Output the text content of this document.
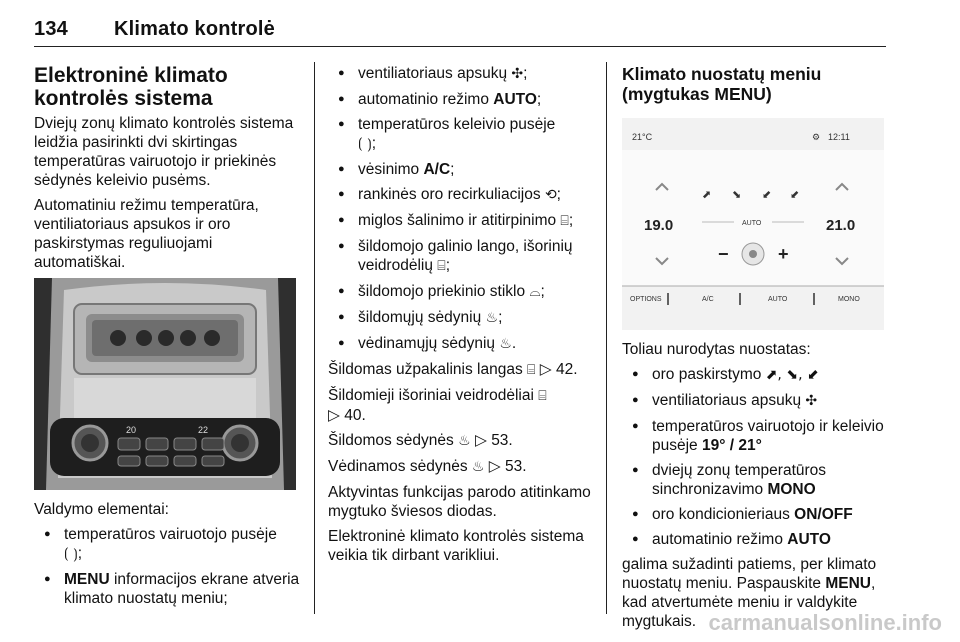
134 Klimato kontrolė
Elektroninė klimato kontrolės sistema

Dviejų zonų klimato kontrolės sistema leidžia pasirinkti dvi skirtingas temperatūras vairuotojo ir priekinės sėdynės keleivio pusėms.

Automatiniu režimu temperatūra, ventiliatoriaus apsukos ir oro paskirstymas reguliuojami automatiškai.

20	22

Valdymo elementai:

● temperatūros vairuotojo pusėje
⟮ ⟯;
● MENU informacijos ekrane atveria klimato nuostatų meniu;
● ventiliatoriaus apsukų ✣;
● automatinio režimo AUTO;
● temperatūros keleivio pusėje
⟮ ⟯;
● vėsinimo A/C;
● rankinės oro recirkuliacijos ⟲;
● miglos šalinimo ir atitirpinimo ⌸;
● šildomojo galinio lango, išorinių veidrodėlių ⌸;
● šildomojo priekinio stiklo ⌓;
● šildomųjų sėdynių ♨;
● vėdinamųjų sėdynių ♨.

Šildomas užpakalinis langas ⌸ ▷ 42.

Šildomieji išoriniai veidrodėliai ⌸
▷ 40.

Šildomos sėdynės ♨ ▷ 53.

Vėdinamos sėdynės ♨ ▷ 53.

Aktyvintas funkcijas parodo atitinkamo mygtuko šviesos diodas.

Elektroninė klimato kontrolės sistema veikia tik dirbant varikliui.

Klimato nuostatų meniu (mygtukas MENU)
21°C	⚙ 12:11
19.0	21.0
⬈ ⬊ ⬋ ⬋
AUTO
−	+
OPTIONS	A/C	AUTO	MONO

Toliau nurodytas nuostatas:

● oro paskirstymo ⬈, ⬊, ⬋
● ventiliatoriaus apsukų ✣
● temperatūros vairuotojo ir keleivio pusėje 19° / 21°
● dviejų zonų temperatūros sinchronizavimo MONO
● oro kondicionieriaus ON/OFF
● automatinio režimo AUTO

galima sužadinti patiems, per klimato nuostatų meniu. Paspauskite MENU, kad atvertumėte meniu ir valdykite mygtukais. carmanualsonline.info
